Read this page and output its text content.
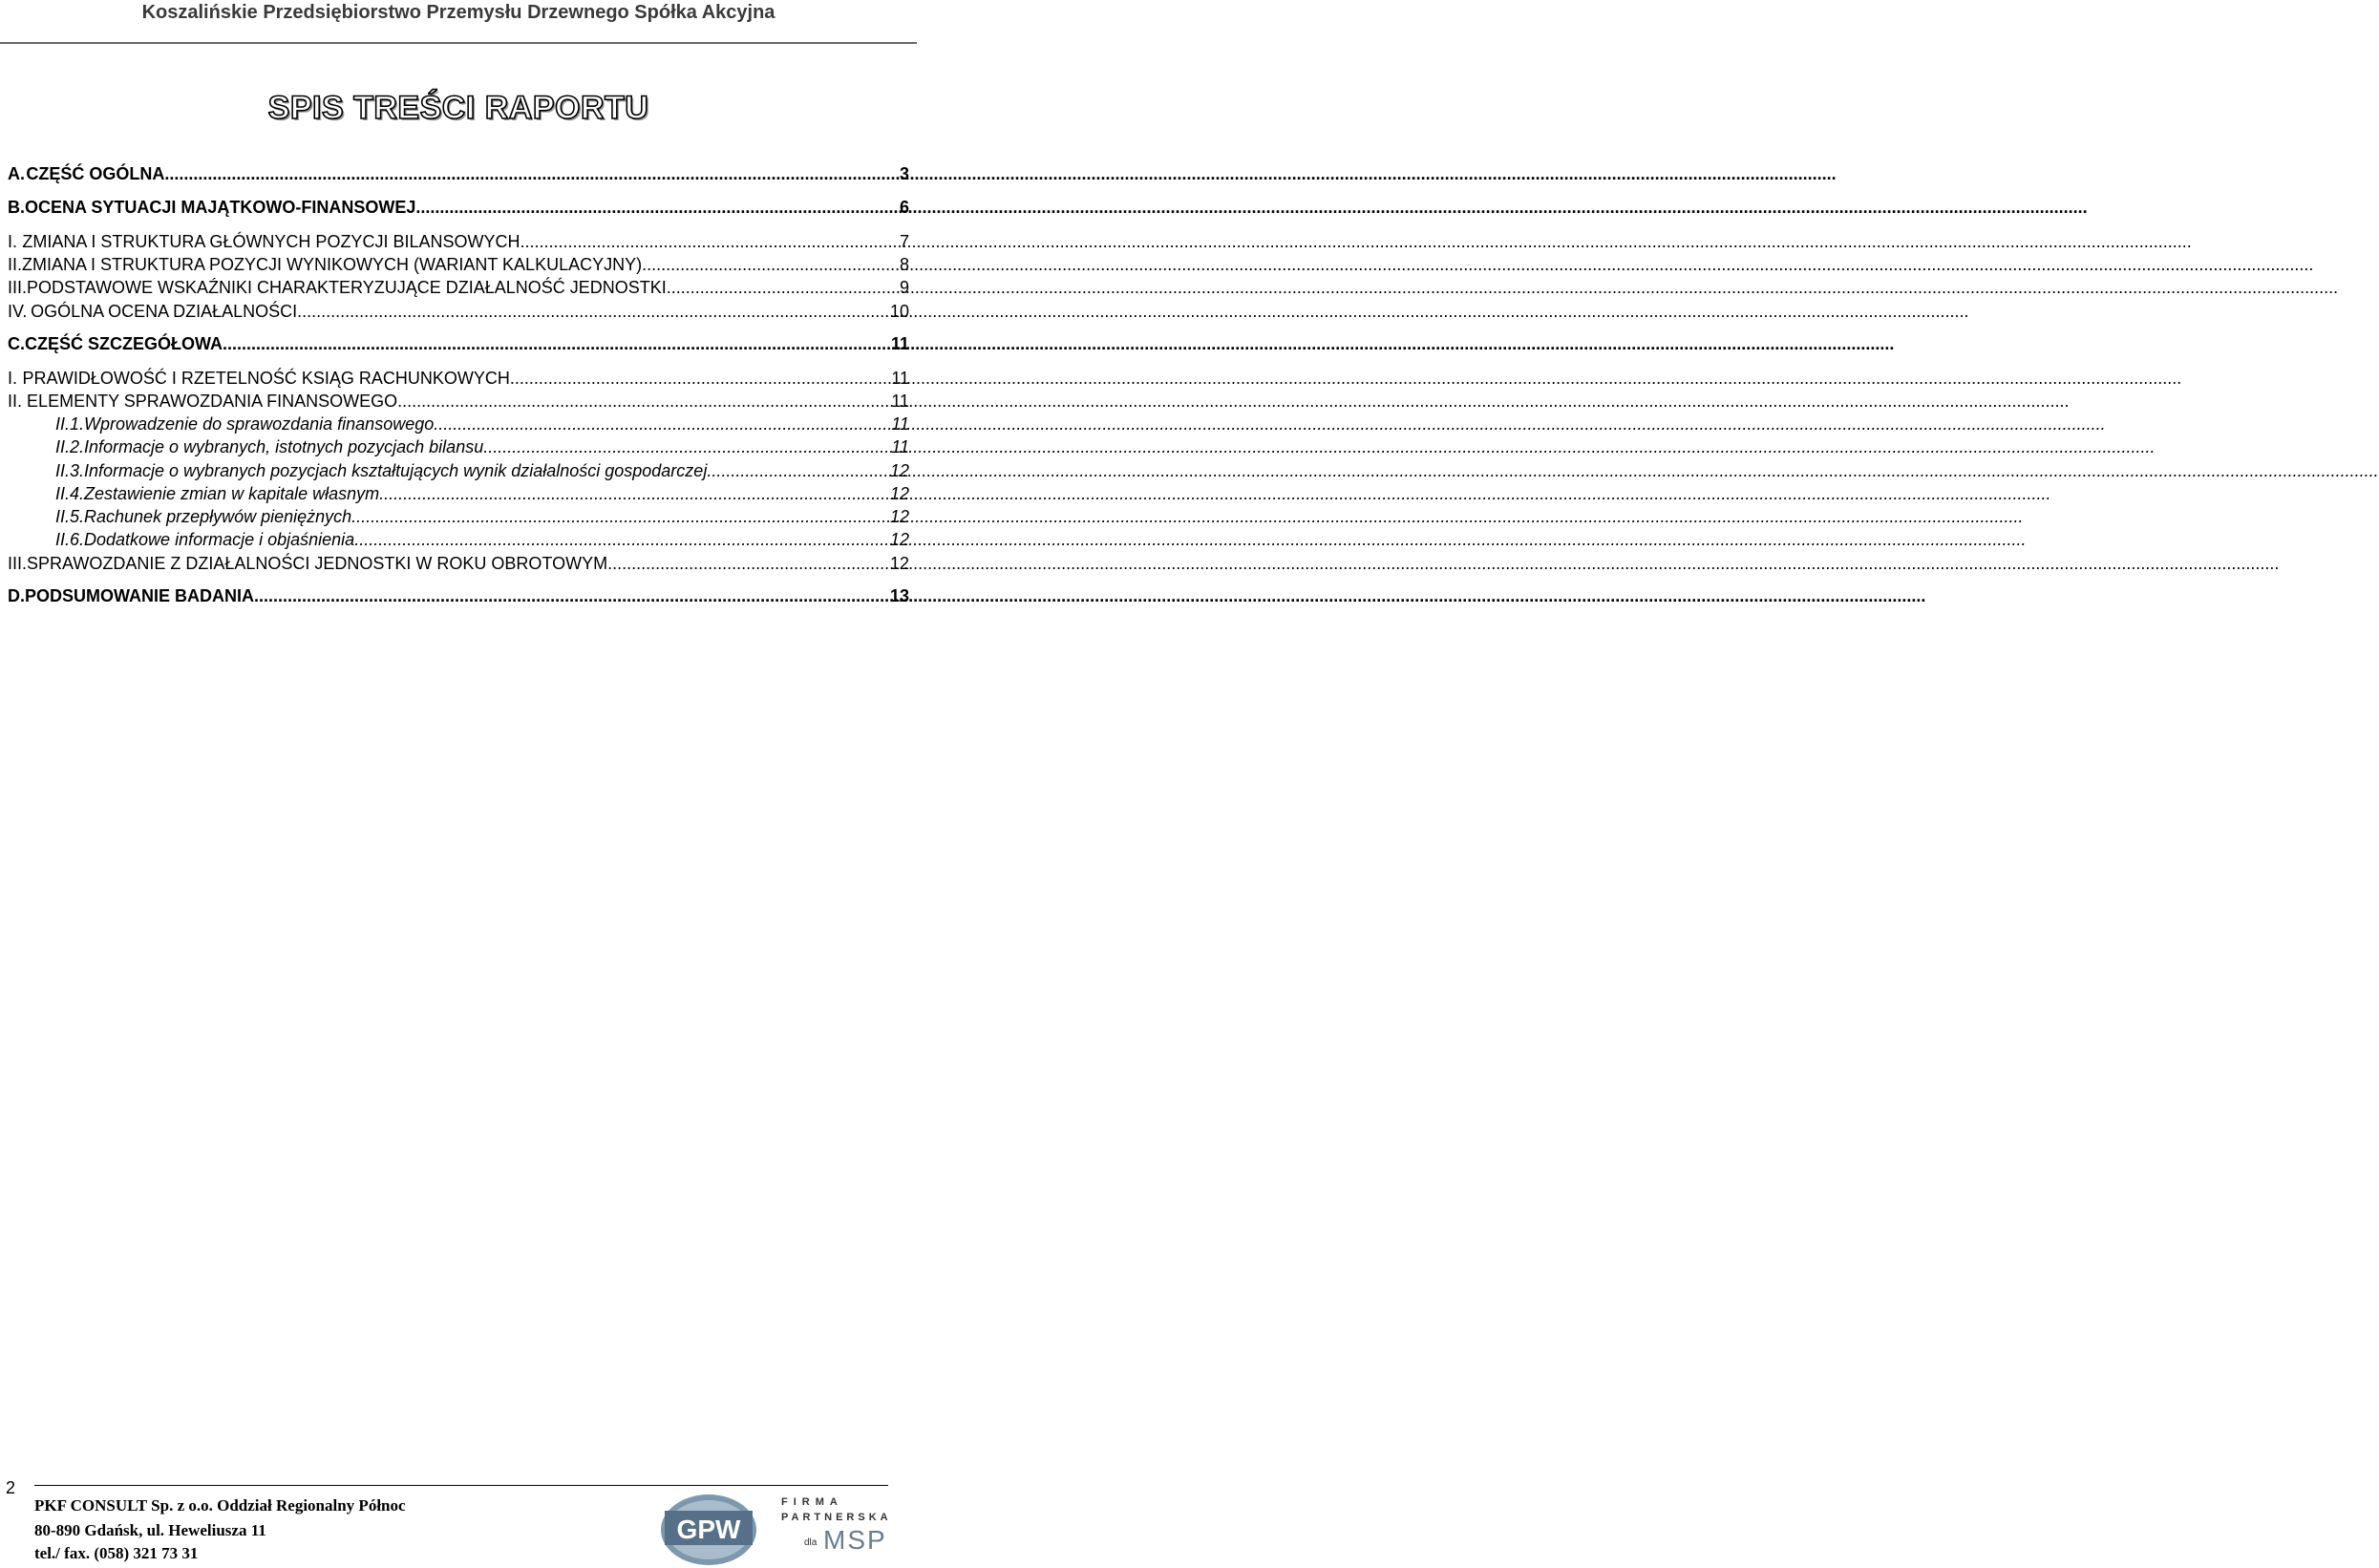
Koszalińskie Przedsiębiorstwo Przemysłu Drzewnego Spółka Akcyjna
SPIS TREŚCI RAPORTU
A. CZĘŚĆ OGÓLNA .....	3
B. OCENA SYTUACJI MAJĄTKOWO-FINANSOWEJ .....	6
I. ZMIANA I STRUKTURA GŁÓWNYCH POZYCJI BILANSOWYCH .....	7
II. ZMIANA I STRUKTURA POZYCJI WYNIKOWYCH (WARIANT KALKULACYJNY) .....	8
III. PODSTAWOWE WSKAŹNIKI CHARAKTERYZUJĄCE DZIAŁALNOŚĆ JEDNOSTKI .....	9
IV. OGÓLNA OCENA DZIAŁALNOŚCI .....	10
C. CZĘŚĆ SZCZEGÓŁOWA .....	11
I. PRAWIDŁOWOŚĆ I RZETELNOŚĆ KSIĄG RACHUNKOWYCH .....	11
II. ELEMENTY SPRAWOZDANIA FINANSOWEGO .....	11
II.1. Wprowadzenie do sprawozdania finansowego .....	11
II.2. Informacje o wybranych, istotnych pozycjach bilansu .....	11
II.3. Informacje o wybranych pozycjach kształtujących wynik działalności gospodarczej .....	12
II.4. Zestawienie zmian w kapitale własnym .....	12
II.5. Rachunek przepływów pieniężnych .....	12
II.6. Dodatkowe informacje i objaśnienia .....	12
III. SPRAWOZDANIE Z DZIAŁALNOŚCI JEDNOSTKI W ROKU OBROTOWYM .....	12
D. PODSUMOWANIE BADANIA .....	13
2
PKF CONSULT Sp. z o.o. Oddział Regionalny Północ
80-890 Gdańsk, ul. Heweliusza 11
tel./ fax. (058) 321 73 31
GPW
FIRMA
PARTNERSKA
dla MSP
